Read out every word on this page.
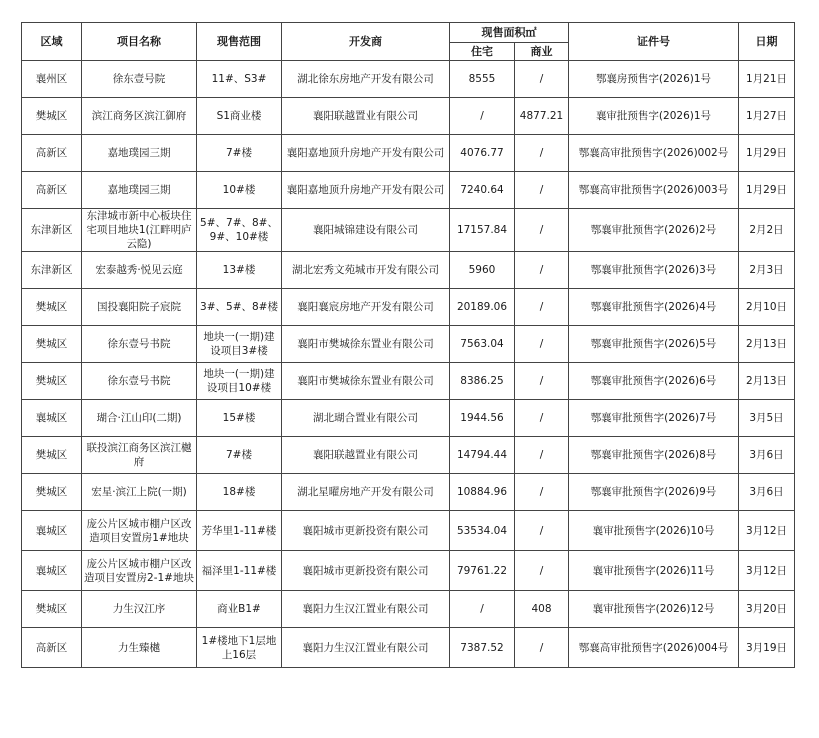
区域	项目名称	现售范围	开发商	现售面积㎡		证件号	日期
				住宅	商业		
襄州区	徐东壹号院	11#、S3#	湖北徐东房地产开发有限公司	8555	/	鄂襄房预售字(2026)1号	1月21日
樊城区	滨江商务区滨江御府	S1商业楼	襄阳联越置业有限公司	/	4877.21	襄审批预售字(2026)1号	1月27日
高新区	嘉地璞园三期	7#楼	襄阳嘉地顶升房地产开发有限公司	4076.77	/	鄂襄高审批预售字(2026)002号	1月29日
高新区	嘉地璞园三期	10#楼	襄阳嘉地顶升房地产开发有限公司	7240.64	/	鄂襄高审批预售字(2026)003号	1月29日
东津新区	东津城市新中心板块住宅项目地块1(江畔明庐云隐)	5#、7#、8#、9#、10#楼	襄阳城锦建设有限公司	17157.84	/	鄂襄审批预售字(2026)2号	2月2日
东津新区	宏泰越秀·悦见云庭	13#楼	湖北宏秀文苑城市开发有限公司	5960	/	鄂襄审批预售字(2026)3号	2月3日
樊城区	国投襄阳院子宸院	3#、5#、8#楼	襄阳襄宸房地产开发有限公司	20189.06	/	鄂襄审批预售字(2026)4号	2月10日
樊城区	徐东壹号书院	地块一(一期)建设项目3#楼	襄阳市樊城徐东置业有限公司	7563.04	/	鄂襄审批预售字(2026)5号	2月13日
樊城区	徐东壹号书院	地块一(一期)建设项目10#楼	襄阳市樊城徐东置业有限公司	8386.25	/	鄂襄审批预售字(2026)6号	2月13日
襄城区	瑚合·江山印(二期)	15#楼	湖北瑚合置业有限公司	1944.56	/	鄂襄审批预售字(2026)7号	3月5日
樊城区	联投滨江商务区滨江樾府	7#楼	襄阳联越置业有限公司	14794.44	/	鄂襄审批预售字(2026)8号	3月6日
樊城区	宏星·滨江上院(一期)	18#楼	湖北星曜房地产开发有限公司	10884.96	/	鄂襄审批预售字(2026)9号	3月6日
襄城区	庞公片区城市棚户区改造项目安置房1#地块	芳华里1-11#楼	襄阳城市更新投资有限公司	53534.04	/	襄审批预售字(2026)10号	3月12日
襄城区	庞公片区城市棚户区改造项目安置房2-1#地块	福泽里1-11#楼	襄阳城市更新投资有限公司	79761.22	/	襄审批预售字(2026)11号	3月12日
樊城区	力生汉江序	商业B1#	襄阳力生汉江置业有限公司	/	408	襄审批预售字(2026)12号	3月20日
高新区	力生臻樾	1#楼地下1层地上16层	襄阳力生汉江置业有限公司	7387.52	/	鄂襄高审批预售字(2026)004号	3月19日
